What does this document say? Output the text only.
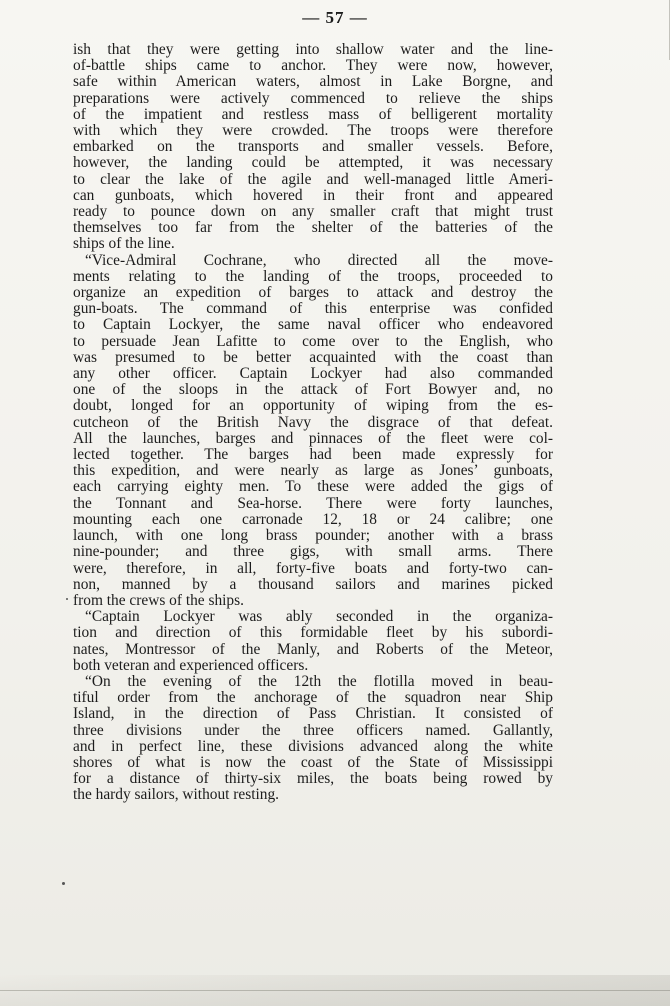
— 57 —

ish that they were getting into shallow water and the line-
of-battle ships came to anchor. They were now, however,
safe within American waters, almost in Lake Borgne, and
preparations were actively commenced to relieve the ships
of the impatient and restless mass of belligerent mortality
with which they were crowded. The troops were therefore
embarked on the transports and smaller vessels. Before,
however, the landing could be attempted, it was necessary
to clear the lake of the agile and well-managed little Ameri-
can gunboats, which hovered in their front and appeared
ready to pounce down on any smaller craft that might trust
themselves too far from the shelter of the batteries of the
ships of the line.

“Vice-Admiral Cochrane, who directed all the move-
ments relating to the landing of the troops, proceeded to
organize an expedition of barges to attack and destroy the
gun-boats. The command of this enterprise was confided
to Captain Lockyer, the same naval officer who endeavored
to persuade Jean Lafitte to come over to the English, who
was presumed to be better acquainted with the coast than
any other officer. Captain Lockyer had also commanded
one of the sloops in the attack of Fort Bowyer and, no
doubt, longed for an opportunity of wiping from the es-
cutcheon of the British Navy the disgrace of that defeat.
All the launches, barges and pinnaces of the fleet were col-
lected together. The barges had been made expressly for
this expedition, and were nearly as large as Jones’ gunboats,
each carrying eighty men. To these were added the gigs of
the Tonnant and Sea-horse. There were forty launches,
mounting each one carronade 12, 18 or 24 calibre; one
launch, with one long brass pounder; another with a brass
nine-pounder; and three gigs, with small arms. There
were, therefore, in all, forty-five boats and forty-two can-
non, manned by a thousand sailors and marines picked
from the crews of the ships.

“Captain Lockyer was ably seconded in the organiza-
tion and direction of this formidable fleet by his subordi-
nates, Montressor of the Manly, and Roberts of the Meteor,
both veteran and experienced officers.

“On the evening of the 12th the flotilla moved in beau-
tiful order from the anchorage of the squadron near Ship
Island, in the direction of Pass Christian. It consisted of
three divisions under the three officers named. Gallantly,
and in perfect line, these divisions advanced along the white
shores of what is now the coast of the State of Mississippi
for a distance of thirty-six miles, the boats being rowed by
the hardy sailors, without resting.
